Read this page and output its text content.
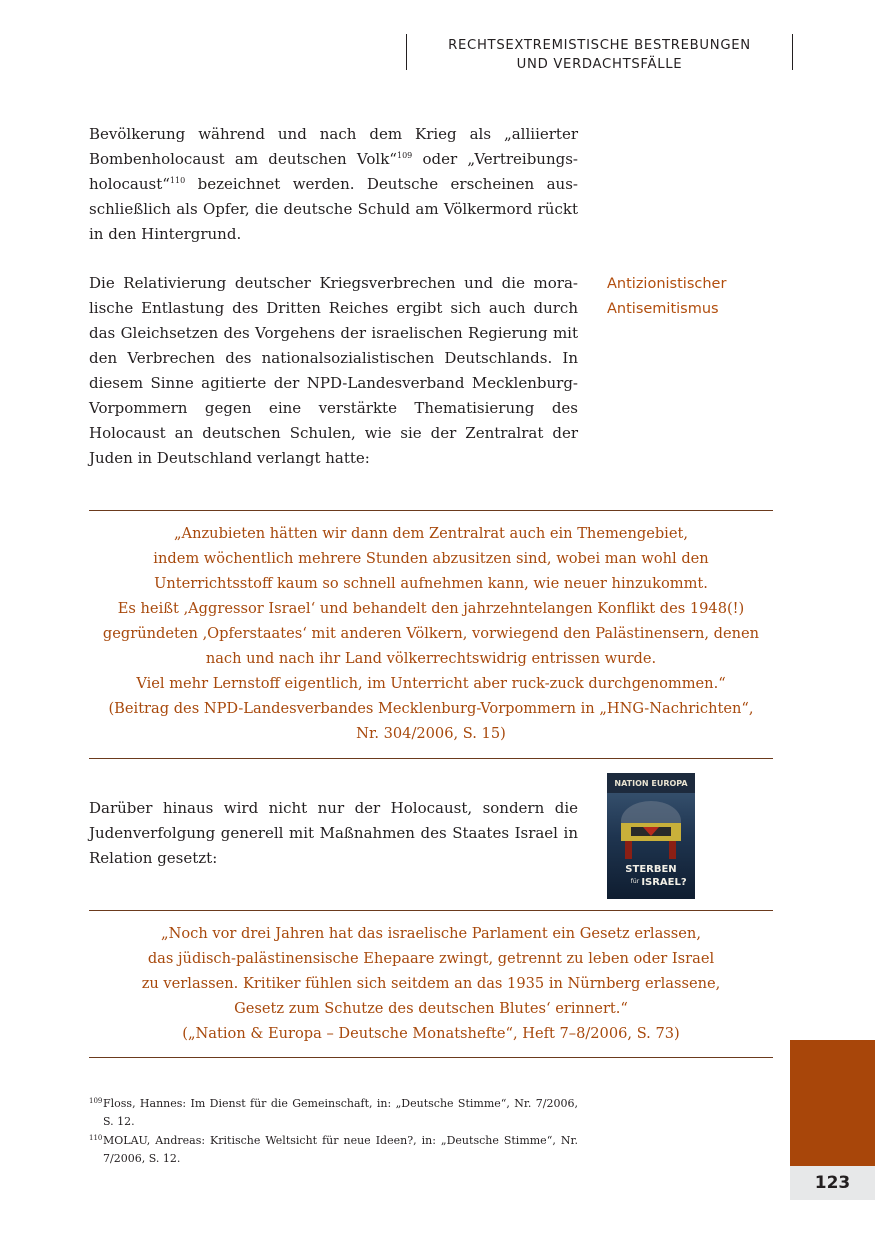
RECHTSEXTREMISTISCHE BESTREBUNGEN
UND VERDACHTSFÄLLE

Bevölkerung während und nach dem Krieg als „alliierter Bombenholocaust am deutschen Volk“$^{109}$ oder „Vertreibungsholocaust“$^{110}$ bezeichnet werden. Deutsche erscheinen ausschließlich als Opfer, die deutsche Schuld am Völkermord rückt in den Hintergrund.

Antizionistischer
Antisemitismus

Die Relativierung deutscher Kriegsverbrechen und die moralische Entlastung des Dritten Reiches ergibt sich auch durch das Gleichsetzen des Vorgehens der israelischen Regierung mit den Verbrechen des nationalsozialistischen Deutschlands. In diesem Sinne agitierte der NPD-Landesverband Mecklenburg-Vorpommern gegen eine verstärkte Thematisierung des Holocaust an deutschen Schulen, wie sie der Zentralrat der Juden in Deutschland verlangt hatte:

„Anzubieten hätten wir dann dem Zentralrat auch ein Themengebiet,
indem wöchentlich mehrere Stunden abzusitzen sind, wobei man wohl den
Unterrichtsstoff kaum so schnell aufnehmen kann, wie neuer hinzukommt.
Es heißt ‚Aggressor Israel‘ und behandelt den jahrzehntelangen Konflikt des 1948(!)
gegründeten ‚Opferstaates‘ mit anderen Völkern, vorwiegend den Palästinensern, denen
nach und nach ihr Land völkerrechtswidrig entrissen wurde.
Viel mehr Lernstoff eigentlich, im Unterricht aber ruck-zuck durchgenommen.“
(Beitrag des NPD-Landesverbandes Mecklenburg-Vorpommern in „HNG-Nachrichten“,
Nr. 304/2006, S. 15)

Darüber hinaus wird nicht nur der Holocaust, sondern die Judenverfolgung generell mit Maßnahmen des Staates Israel in Relation gesetzt:

NATION EUROPA
STERBEN
für ISRAEL?
„Noch vor drei Jahren hat das israelische Parlament ein Gesetz erlassen,
das jüdisch-palästinensische Ehepaare zwingt, getrennt zu leben oder Israel
zu verlassen. Kritiker fühlen sich seitdem an das 1935 in Nürnberg erlassene,
Gesetz zum Schutze des deutschen Blutes‘ erinnert.“
(„Nation & Europa – Deutsche Monatshefte“, Heft 7–8/2006, S. 73)
109 Floss, Hannes: Im Dienst für die Gemeinschaft, in: „Deutsche Stimme“, Nr. 7/2006, S. 12.
110 MOLAU, Andreas: Kritische Weltsicht für neue Ideen?, in: „Deutsche Stimme“, Nr. 7/2006, S. 12.
123
